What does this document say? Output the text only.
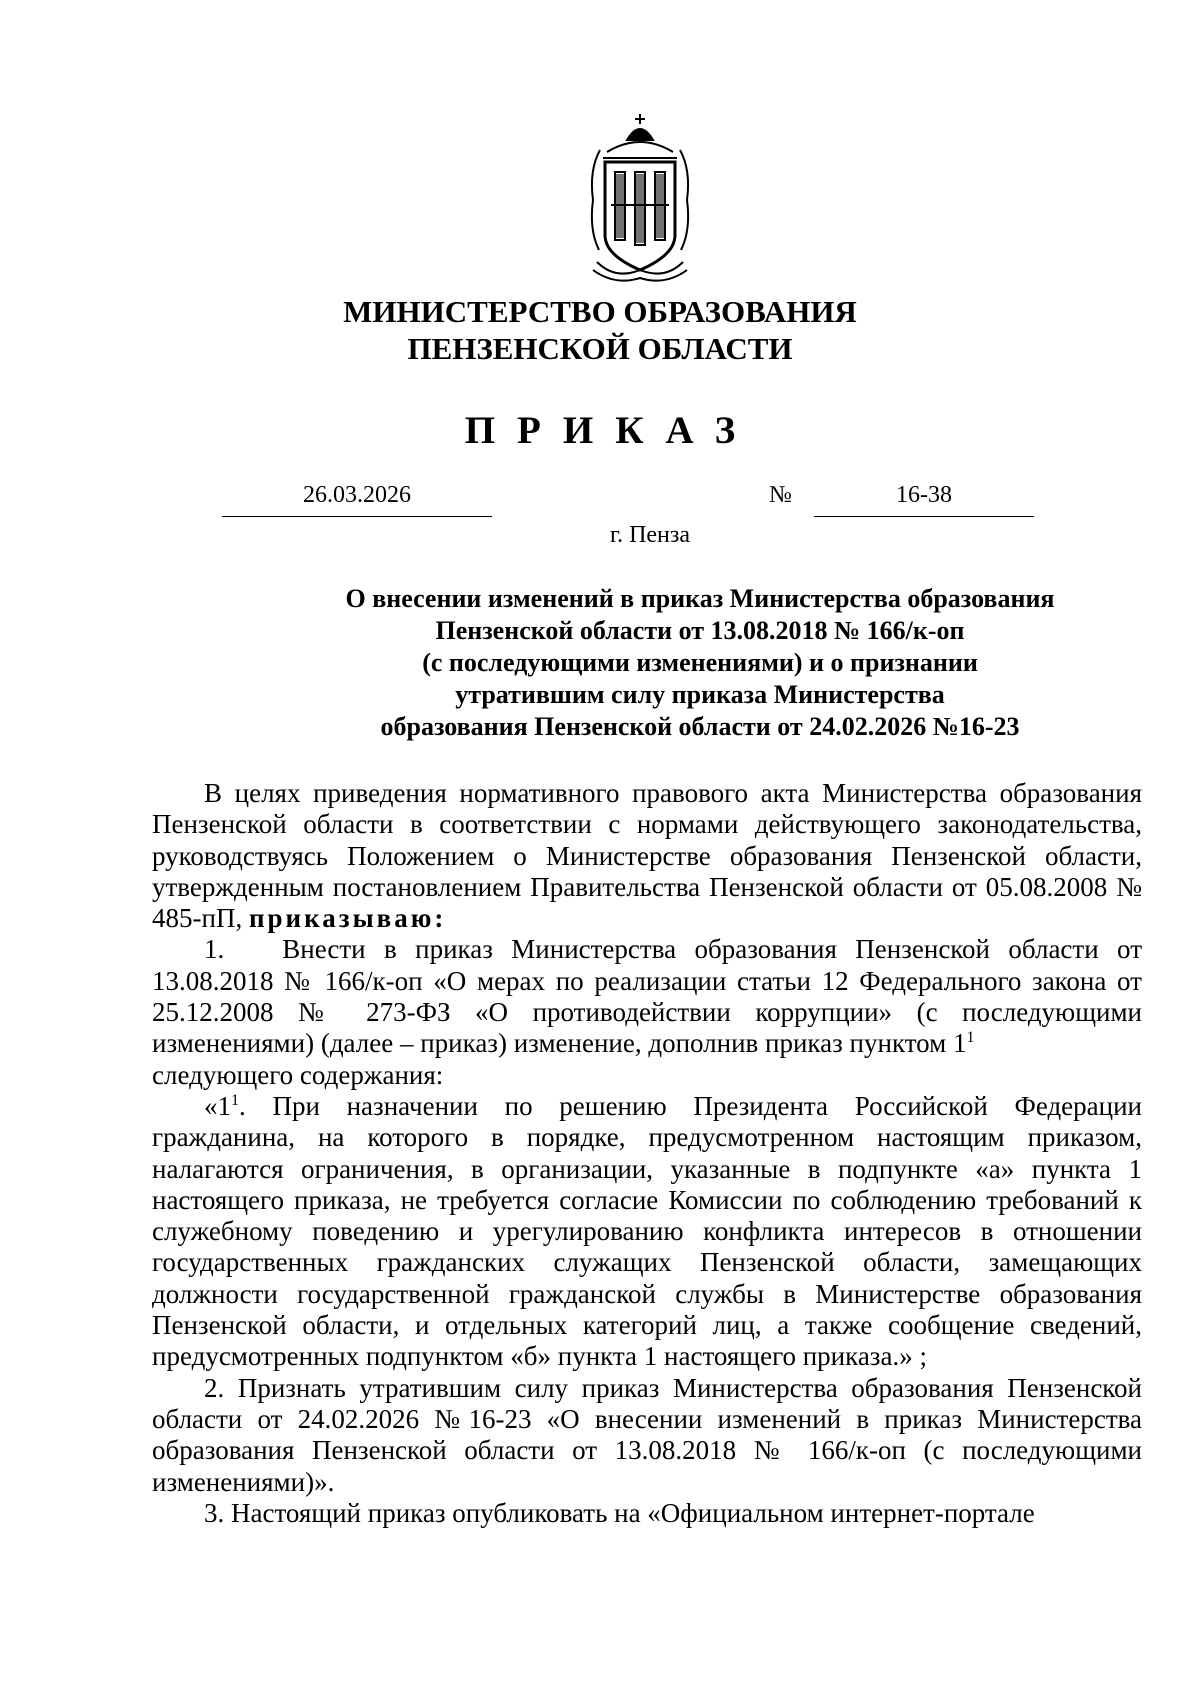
МИНИСТЕРСТВО ОБРАЗОВАНИЯ
ПЕНЗЕНСКОЙ ОБЛАСТИ
ПРИКАЗ
26.03.2026	№	16-38
г. Пенза
О внесении изменений в приказ Министерства образования
Пензенской области от 13.08.2018 № 166/к-оп
(с последующими изменениями) и о признании
утратившим силу приказа Министерства
образования Пензенской области от 24.02.2026 №16-23

В целях приведения нормативного правового акта Министерства образования Пензенской области в соответствии с нормами действующего законодательства, руководствуясь Положением о Министерстве образования Пензенской области, утвержденным постановлением Правительства Пензенской области от 05.08.2008 № 485-пП, приказываю:

1. Внести в приказ Министерства образования Пензенской области от 13.08.2018 № 166/к-оп «О мерах по реализации статьи 12 Федерального закона от 25.12.2008 № 273-ФЗ «О противодействии коррупции» (с последующими изменениями) (далее – приказ) изменение, дополнив приказ пунктом $1^1$

следующего содержания:

«$1^1$. При назначении по решению Президента Российской Федерации гражданина, на которого в порядке, предусмотренном настоящим приказом, налагаются ограничения, в организации, указанные в подпункте «а» пункта 1 настоящего приказа, не требуется согласие Комиссии по соблюдению требований к служебному поведению и урегулированию конфликта интересов в отношении государственных гражданских служащих Пензенской области, замещающих должности государственной гражданской службы в Министерстве образования Пензенской области, и отдельных категорий лиц, а также сообщение сведений, предусмотренных подпунктом «б» пункта 1 настоящего приказа.» ;

2. Признать утратившим силу приказ Министерства образования Пензенской области от 24.02.2026 №16-23 «О внесении изменений в приказ Министерства образования Пензенской области от 13.08.2018 № 166/к-оп (с последующими изменениями)».

3. Настоящий приказ опубликовать на «Официальном интернет-портале
